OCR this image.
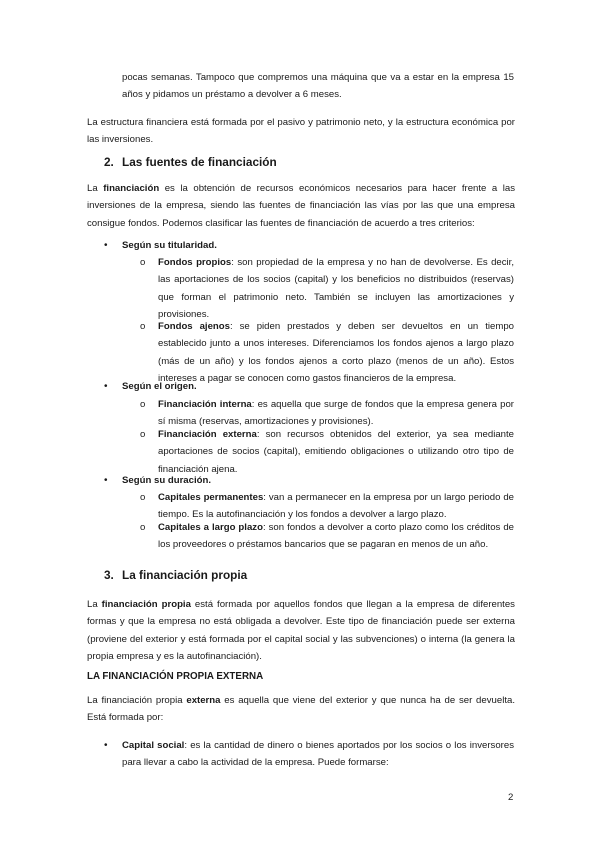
pocas semanas. Tampoco que compremos una máquina que va a estar en la empresa 15 años y pidamos un préstamo a devolver a 6 meses.

La estructura financiera está formada por el pasivo y patrimonio neto, y la estructura económica por las inversiones.

2. Las fuentes de financiación

La financiación es la obtención de recursos económicos necesarios para hacer frente a las inversiones de la empresa, siendo las fuentes de financiación las vías por las que una empresa consigue fondos. Podemos clasificar las fuentes de financiación de acuerdo a tres criterios:

• Según su titularidad.
o Fondos propios: son propiedad de la empresa y no han de devolverse. Es decir, las aportaciones de los socios (capital) y los beneficios no distribuidos (reservas) que forman el patrimonio neto. También se incluyen las amortizaciones y provisiones.

o Fondos ajenos: se piden prestados y deben ser devueltos en un tiempo establecido junto a unos intereses. Diferenciamos los fondos ajenos a largo plazo (más de un año) y los fondos ajenos a corto plazo (menos de un año). Estos intereses a pagar se conocen como gastos financieros de la empresa.

• Según el origen.
o Financiación interna: es aquella que surge de fondos que la empresa genera por sí misma (reservas, amortizaciones y provisiones).

o Financiación externa: son recursos obtenidos del exterior, ya sea mediante aportaciones de socios (capital), emitiendo obligaciones o utilizando otro tipo de financiación ajena.

• Según su duración.
o Capitales permanentes: van a permanecer en la empresa por un largo periodo de tiempo. Es la autofinanciación y los fondos a devolver a largo plazo.

o Capitales a largo plazo: son fondos a devolver a corto plazo como los créditos de los proveedores o préstamos bancarios que se pagaran en menos de un año.

3. La financiación propia

La financiación propia está formada por aquellos fondos que llegan a la empresa de diferentes formas y que la empresa no está obligada a devolver. Este tipo de financiación puede ser externa (proviene del exterior y está formada por el capital social y las subvenciones) o interna (la genera la propia empresa y es la autofinanciación).

LA FINANCIACIÓN PROPIA EXTERNA

La financiación propia externa es aquella que viene del exterior y que nunca ha de ser devuelta. Está formada por:

• Capital social: es la cantidad de dinero o bienes aportados por los socios o los inversores para llevar a cabo la actividad de la empresa. Puede formarse:

2
